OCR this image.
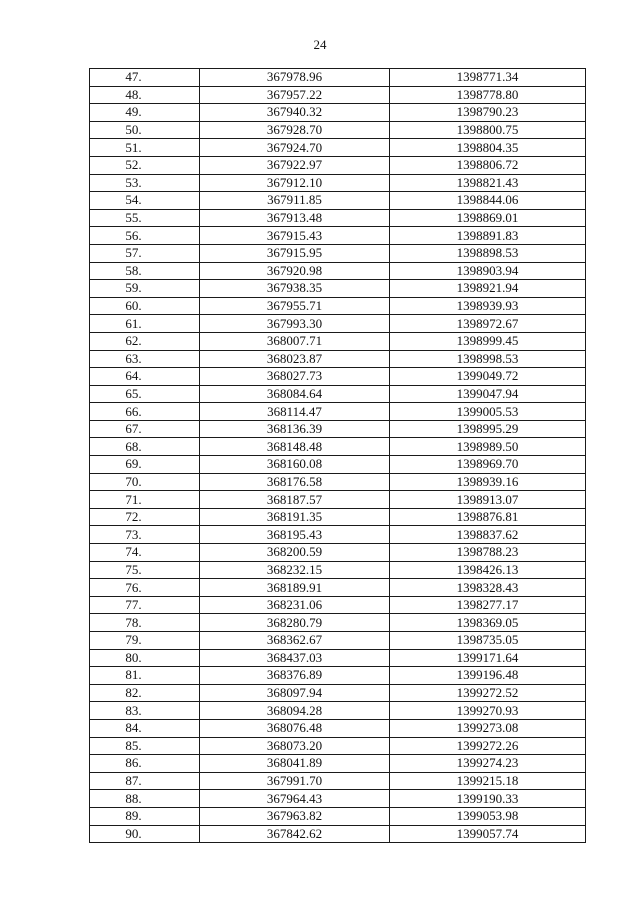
24
47.	367978.96	1398771.34
48.	367957.22	1398778.80
49.	367940.32	1398790.23
50.	367928.70	1398800.75
51.	367924.70	1398804.35
52.	367922.97	1398806.72
53.	367912.10	1398821.43
54.	367911.85	1398844.06
55.	367913.48	1398869.01
56.	367915.43	1398891.83
57.	367915.95	1398898.53
58.	367920.98	1398903.94
59.	367938.35	1398921.94
60.	367955.71	1398939.93
61.	367993.30	1398972.67
62.	368007.71	1398999.45
63.	368023.87	1398998.53
64.	368027.73	1399049.72
65.	368084.64	1399047.94
66.	368114.47	1399005.53
67.	368136.39	1398995.29
68.	368148.48	1398989.50
69.	368160.08	1398969.70
70.	368176.58	1398939.16
71.	368187.57	1398913.07
72.	368191.35	1398876.81
73.	368195.43	1398837.62
74.	368200.59	1398788.23
75.	368232.15	1398426.13
76.	368189.91	1398328.43
77.	368231.06	1398277.17
78.	368280.79	1398369.05
79.	368362.67	1398735.05
80.	368437.03	1399171.64
81.	368376.89	1399196.48
82.	368097.94	1399272.52
83.	368094.28	1399270.93
84.	368076.48	1399273.08
85.	368073.20	1399272.26
86.	368041.89	1399274.23
87.	367991.70	1399215.18
88.	367964.43	1399190.33
89.	367963.82	1399053.98
90.	367842.62	1399057.74
